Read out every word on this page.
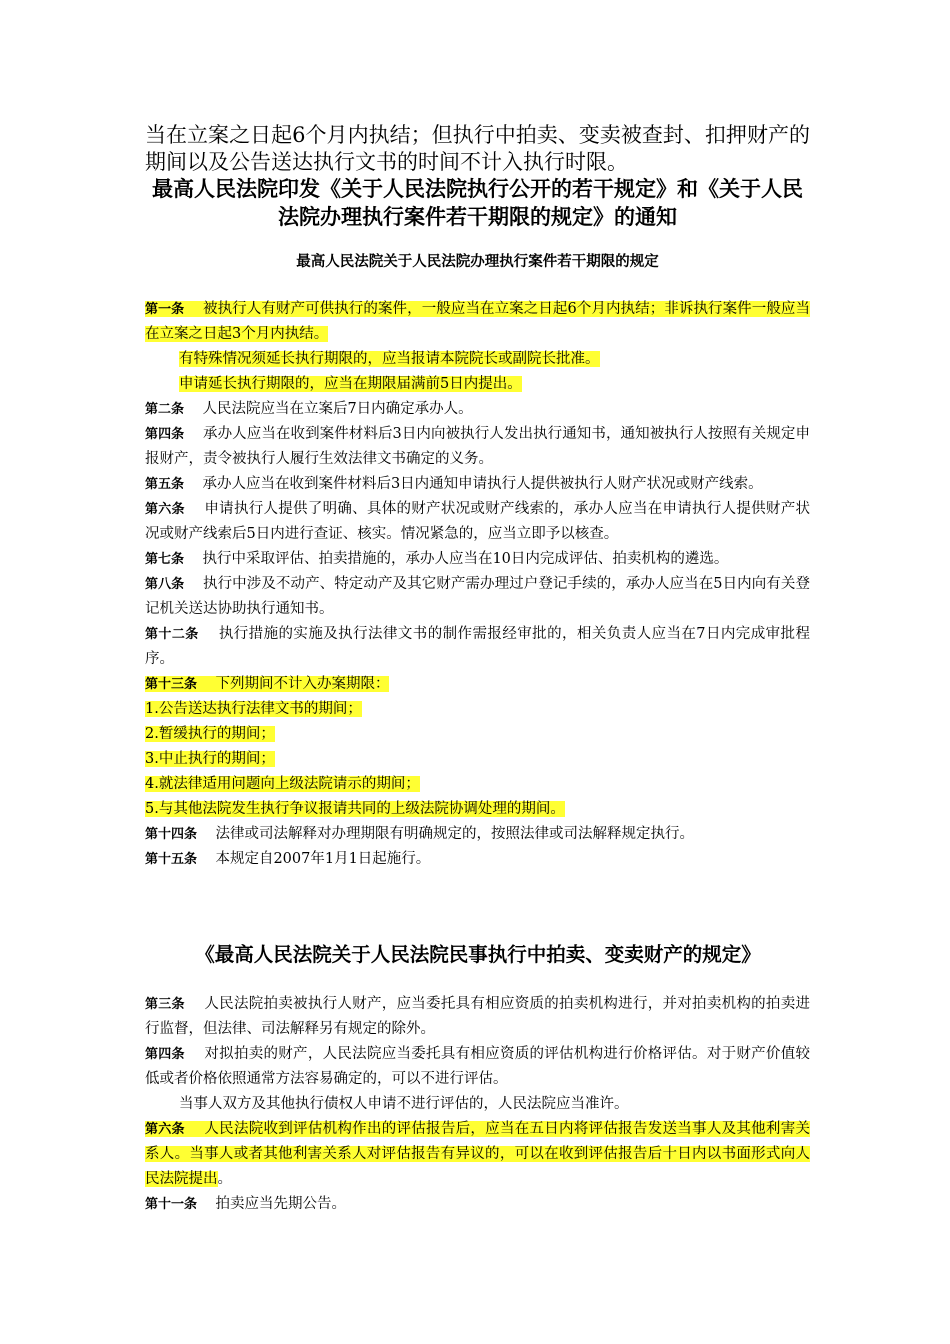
当在立案之日起6个月内执结；但执行中拍卖、变卖被查封、扣押财产的期间以及公告送达执行文书的时间不计入执行时限。
最高人民法院印发《关于人民法院执行公开的若干规定》和《关于人民法院办理执行案件若干期限的规定》的通知
最高人民法院关于人民法院办理执行案件若干期限的规定

第一条 被执行人有财产可供执行的案件，一般应当在立案之日起6个月内执结；非诉执行案件一般应当在立案之日起3个月内执结。

有特殊情况须延长执行期限的，应当报请本院院长或副院长批准。

申请延长执行期限的，应当在期限届满前5日内提出。

第二条 人民法院应当在立案后7日内确定承办人。

第四条 承办人应当在收到案件材料后3日内向被执行人发出执行通知书，通知被执行人按照有关规定申报财产，责令被执行人履行生效法律文书确定的义务。

第五条 承办人应当在收到案件材料后3日内通知申请执行人提供被执行人财产状况或财产线索。

第六条 申请执行人提供了明确、具体的财产状况或财产线索的，承办人应当在申请执行人提供财产状况或财产线索后5日内进行查证、核实。情况紧急的，应当立即予以核查。

第七条 执行中采取评估、拍卖措施的，承办人应当在10日内完成评估、拍卖机构的遴选。

第八条 执行中涉及不动产、特定动产及其它财产需办理过户登记手续的，承办人应当在5日内向有关登记机关送达协助执行通知书。

第十二条 执行措施的实施及执行法律文书的制作需报经审批的，相关负责人应当在7日内完成审批程序。

第十三条 下列期间不计入办案期限：

1.公告送达执行法律文书的期间；

2.暂缓执行的期间；

3.中止执行的期间；

4.就法律适用问题向上级法院请示的期间；

5.与其他法院发生执行争议报请共同的上级法院协调处理的期间。

第十四条 法律或司法解释对办理期限有明确规定的，按照法律或司法解释规定执行。

第十五条 本规定自2007年1月1日起施行。

《最高人民法院关于人民法院民事执行中拍卖、变卖财产的规定》

第三条 人民法院拍卖被执行人财产，应当委托具有相应资质的拍卖机构进行，并对拍卖机构的拍卖进行监督，但法律、司法解释另有规定的除外。

第四条 对拟拍卖的财产，人民法院应当委托具有相应资质的评估机构进行价格评估。对于财产价值较低或者价格依照通常方法容易确定的，可以不进行评估。

当事人双方及其他执行债权人申请不进行评估的，人民法院应当准许。

第六条 人民法院收到评估机构作出的评估报告后，应当在五日内将评估报告发送当事人及其他利害关系人。当事人或者其他利害关系人对评估报告有异议的，可以在收到评估报告后十日内以书面形式向人民法院提出。

第十一条 拍卖应当先期公告。
